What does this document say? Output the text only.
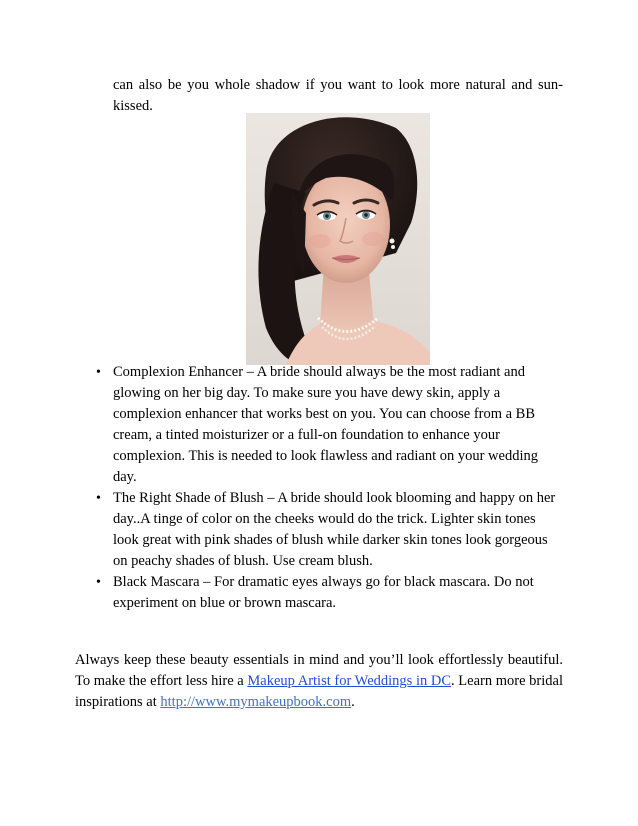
can also be you whole shadow if you want to look more natural and sun-kissed.

• Complexion Enhancer – A bride should always be the most radiant and glowing on her big day. To make sure you have dewy skin, apply a complexion enhancer that works best on you. You can choose from a BB cream, a tinted moisturizer or a full-on foundation to enhance your complexion. This is needed to look flawless and radiant on your wedding day.
• The Right Shade of Blush – A bride should look blooming and happy on her day..A tinge of color on the cheeks would do the trick. Lighter skin tones look great with pink shades of blush while darker skin tones look gorgeous on peachy shades of blush. Use cream blush.
• Black Mascara – For dramatic eyes always go for black mascara. Do not experiment on blue or brown mascara.

Always keep these beauty essentials in mind and you’ll look effortlessly beautiful. To make the effort less hire a Makeup Artist for Weddings in DC. Learn more bridal inspirations at http://www.mymakeupbook.com.
